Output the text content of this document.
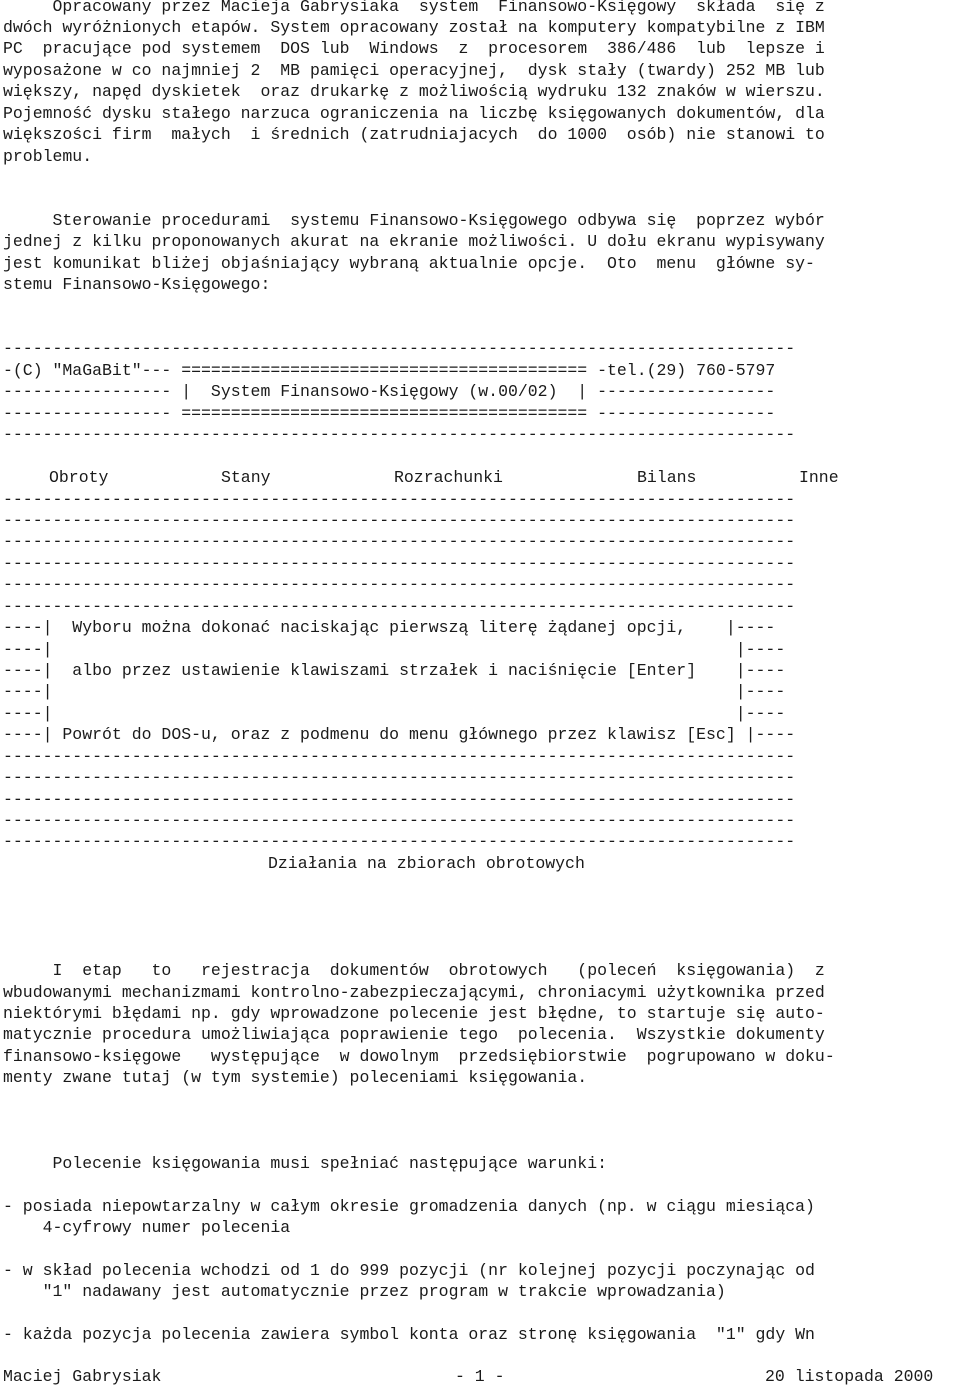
Opracowany przez Macieja Gabrysiaka  system  Finansowo-Księgowy  składa  się z
dwóch wyróżnionych etapów. System opracowany został na komputery kompatybilne z IBM
PC  pracujące pod systemem  DOS lub  Windows  z  procesorem  386/486  lub  lepsze i
wyposażone w co najmniej 2  MB pamięci operacyjnej,  dysk stały (twardy) 252 MB lub
większy, napęd dyskietek  oraz drukarkę z możliwością wydruku 132 znaków w wierszu.
Pojemność dysku stałego narzuca ograniczenia na liczbę księgowanych dokumentów, dla
większości firm  małych  i średnich (zatrudniajacych  do 1000  osób) nie stanowi to
problemu.
Sterowanie procedurami  systemu Finansowo-Księgowego odbywa się  poprzez wybór
jednej z kilku proponowanych akurat na ekranie możliwości. U dołu ekranu wypisywany
jest komunikat bliżej objaśniający wybraną aktualnie opcje.  Oto  menu  główne sy-
stemu Finansowo-Księgowego:
--------------------------------------------------------------------------------
-(C) "MaGaBit"--- ========================================= -tel.(29) 760-5797
----------------- |  System Finansowo-Księgowy (w.00/02)  | ------------------
----------------- ========================================= ------------------
--------------------------------------------------------------------------------
Obroty	Stany	Rozrachunki	Bilans	Inne
--------------------------------------------------------------------------------
--------------------------------------------------------------------------------
--------------------------------------------------------------------------------
--------------------------------------------------------------------------------
--------------------------------------------------------------------------------
--------------------------------------------------------------------------------
----|  Wyboru można dokonać naciskając pierwszą literę żądanej opcji,    |----
----|                                                                     |----
----|  albo przez ustawienie klawiszami strzałek i naciśnięcie [Enter]    |----
----|                                                                     |----
----|                                                                     |----
----| Powrót do DOS-u, oraz z podmenu do menu głównego przez klawisz [Esc] |----
--------------------------------------------------------------------------------
--------------------------------------------------------------------------------
--------------------------------------------------------------------------------
--------------------------------------------------------------------------------
--------------------------------------------------------------------------------
Działania na zbiorach obrotowych
I  etap   to   rejestracja  dokumentów  obrotowych   (poleceń  księgowania)  z
wbudowanymi mechanizmami kontrolno-zabezpieczającymi, chroniacymi użytkownika przed
niektórymi błędami np. gdy wprowadzone polecenie jest błędne, to startuje się auto-
matycznie procedura umożliwiająca poprawienie tego  polecenia.  Wszystkie dokumenty
finansowo-księgowe   występujące  w dowolnym  przedsiębiorstwie  pogrupowano w doku-
menty zwane tutaj (w tym systemie) poleceniami księgowania.
Polecenie księgowania musi spełniać następujące warunki:
- posiada niepowtarzalny w całym okresie gromadzenia danych (np. w ciągu miesiąca)
4-cyfrowy numer polecenia
- w skład polecenia wchodzi od 1 do 999 pozycji (nr kolejnej pozycji poczynając od
"1" nadawany jest automatycznie przez program w trakcie wprowadzania)
- każda pozycja polecenia zawiera symbol konta oraz stronę księgowania  "1" gdy Wn
Maciej Gabrysiak	- 1 -	20 listopada 2000
